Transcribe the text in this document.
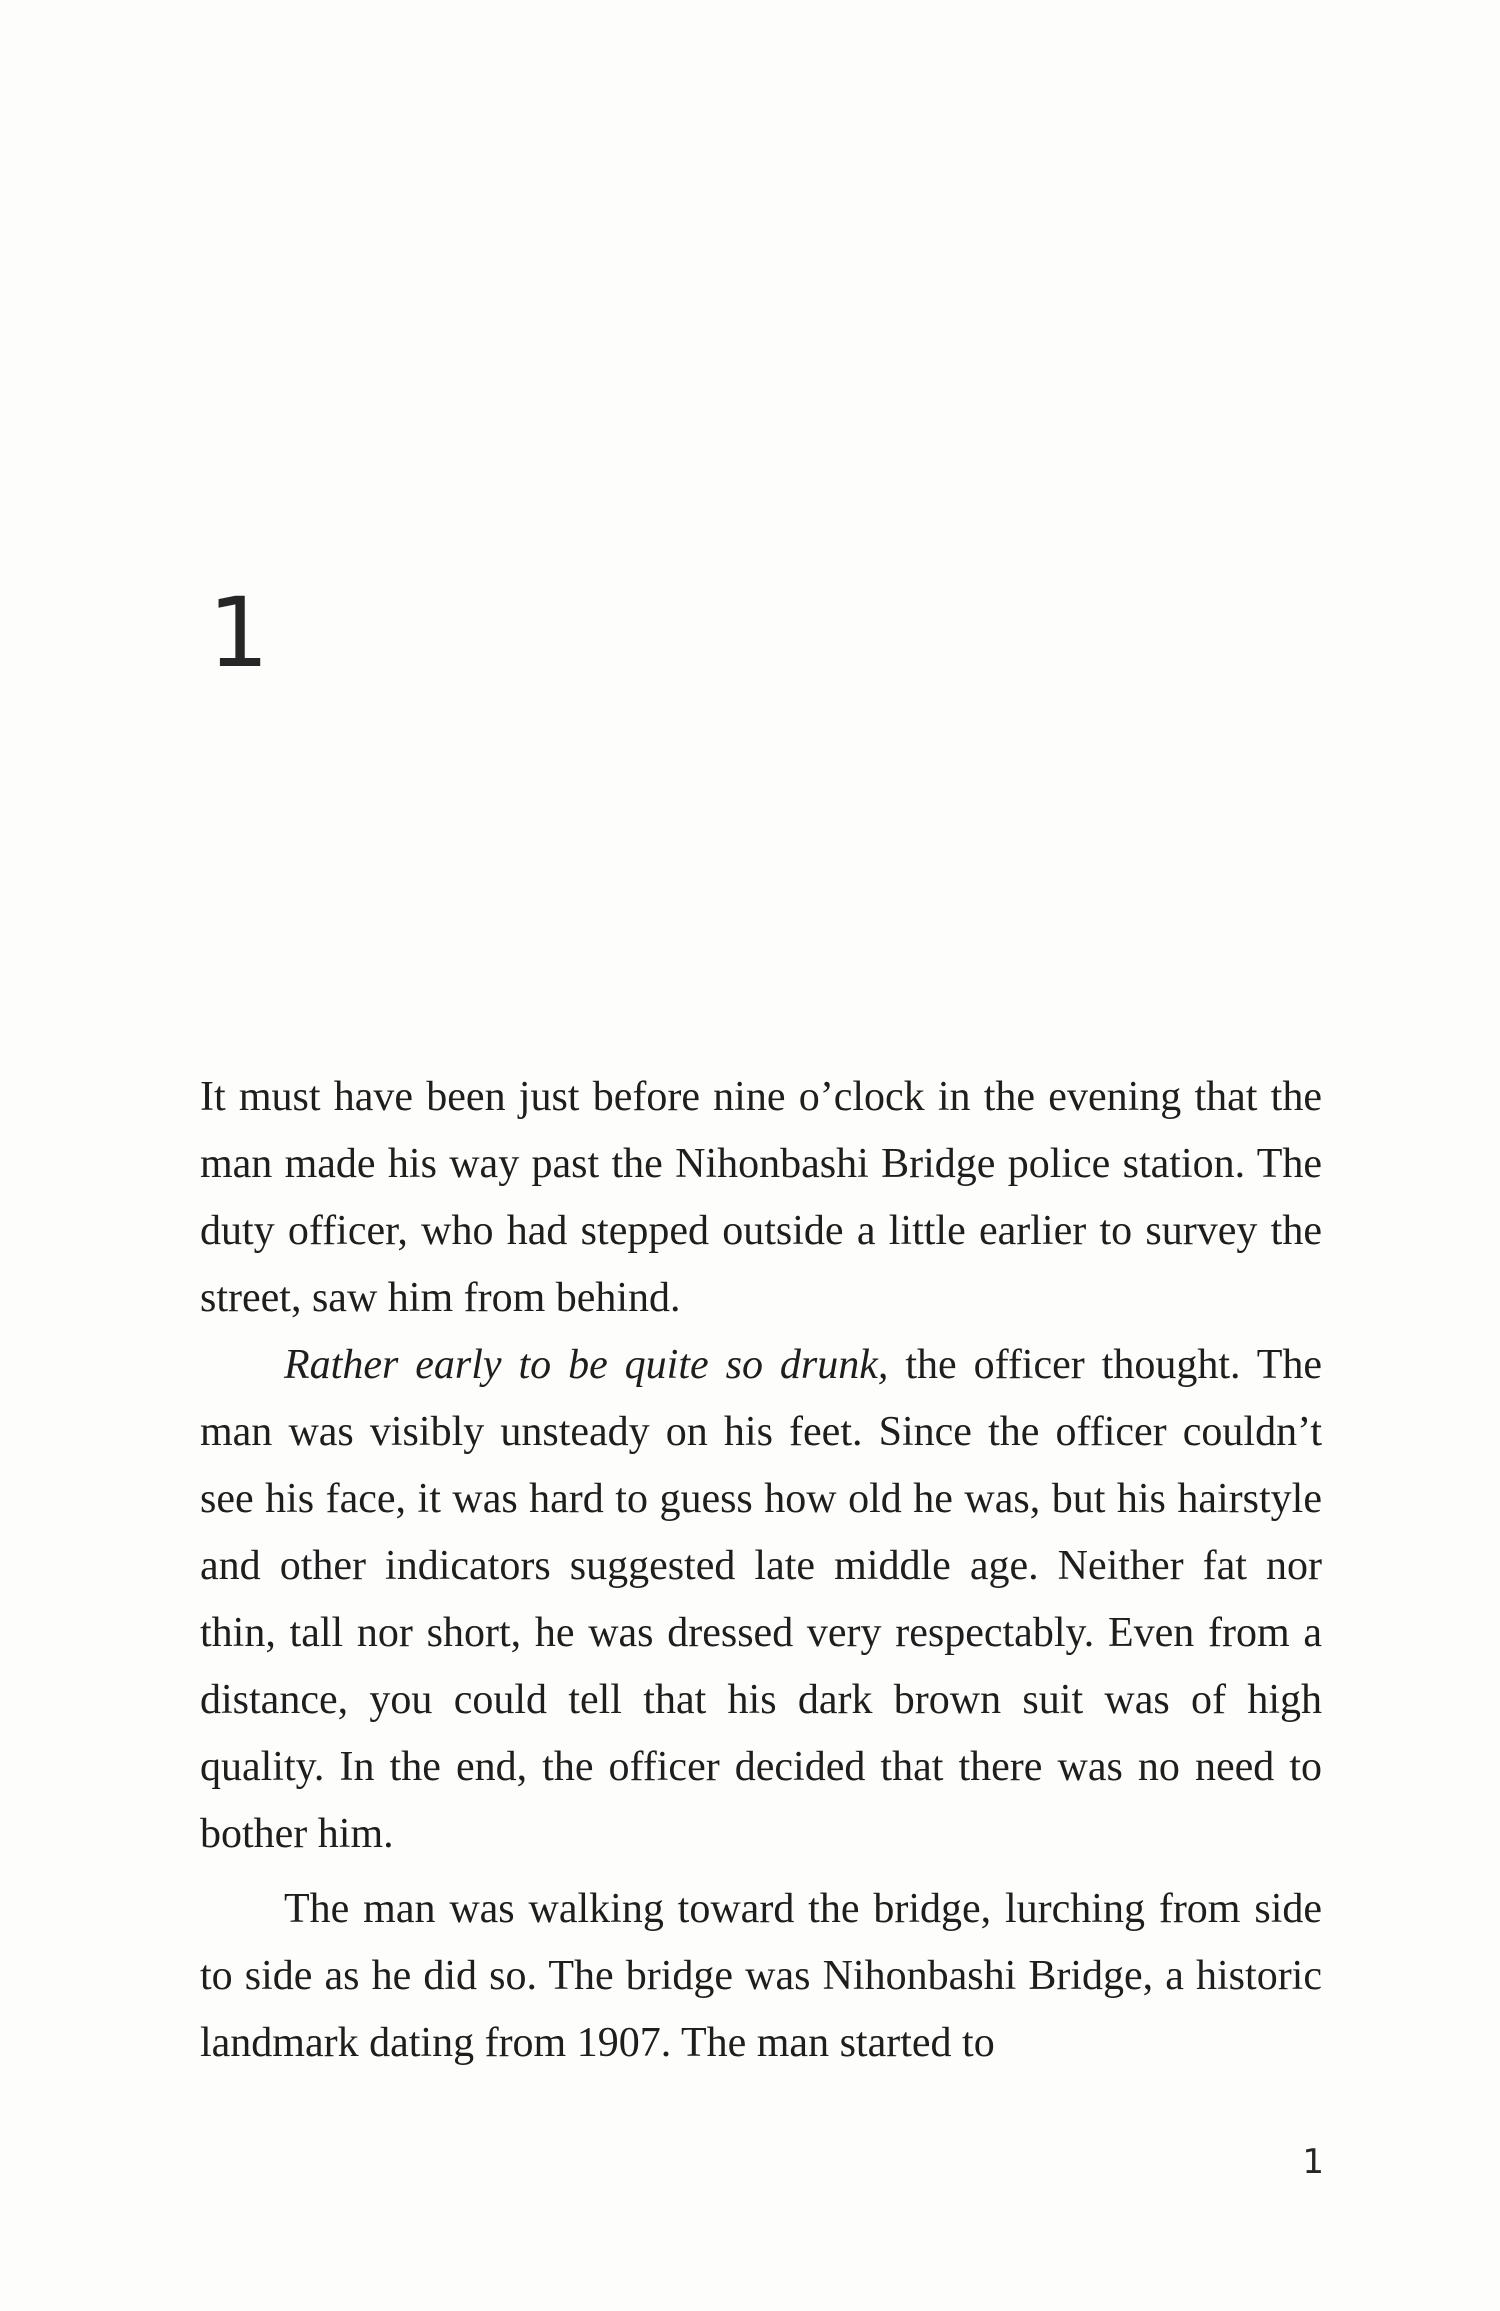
1

It must have been just before nine o’clock in the evening that the man made his way past the Nihonbashi Bridge police station. The duty officer, who had stepped outside a little earlier to survey the street, saw him from behind.

Rather early to be quite so drunk, the officer thought. The man was visibly unsteady on his feet. Since the officer couldn’t see his face, it was hard to guess how old he was, but his hairstyle and other indicators suggested late middle age. Neither fat nor thin, tall nor short, he was dressed very respectably. Even from a distance, you could tell that his dark brown suit was of high quality. In the end, the officer decided that there was no need to bother him.

The man was walking toward the bridge, lurching from side to side as he did so. The bridge was Nihonbashi Bridge, a historic landmark dating from 1907. The man started to

1
